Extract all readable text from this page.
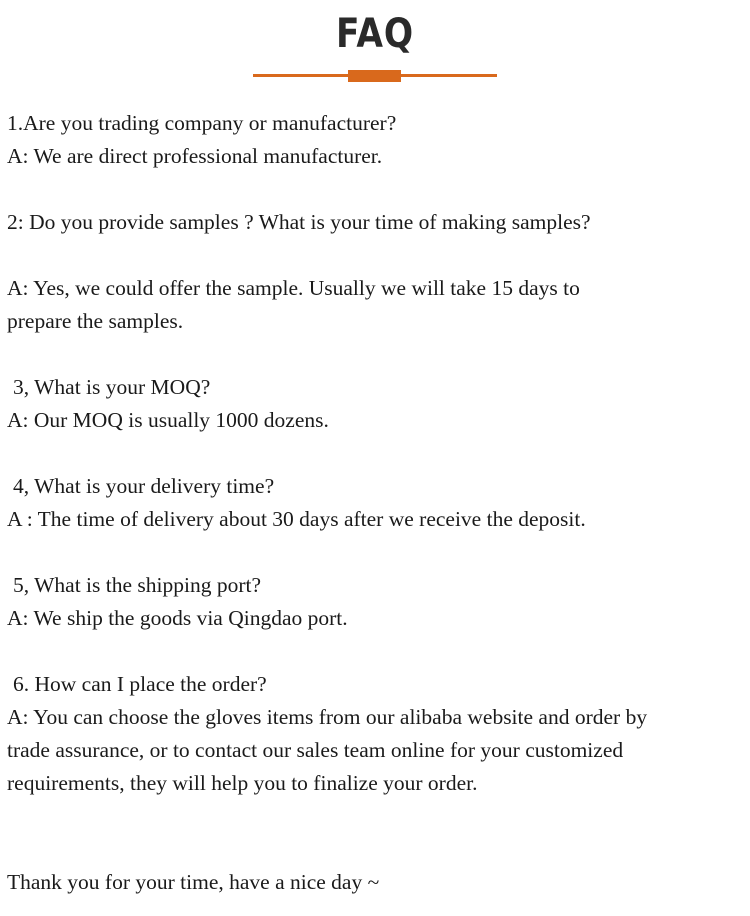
FAQ
1.Are you trading company or manufacturer?
A: We are direct professional manufacturer.
2: Do you provide samples ? What is your time of making samples?
A: Yes, we could offer the sample. Usually we will take 15 days to
prepare the samples.
3, What is your MOQ?
A: Our MOQ is usually 1000 dozens.
4, What is your delivery time?
A : The time of delivery about 30 days after we receive the deposit.
5, What is the shipping port?
A: We ship the goods via Qingdao port.
6. How can I place the order?
A: You can choose the gloves items from our alibaba website and order by
trade assurance, or to contact our sales team online for your customized
requirements, they will help you to finalize your order.
Thank you for your time, have a nice day ~
